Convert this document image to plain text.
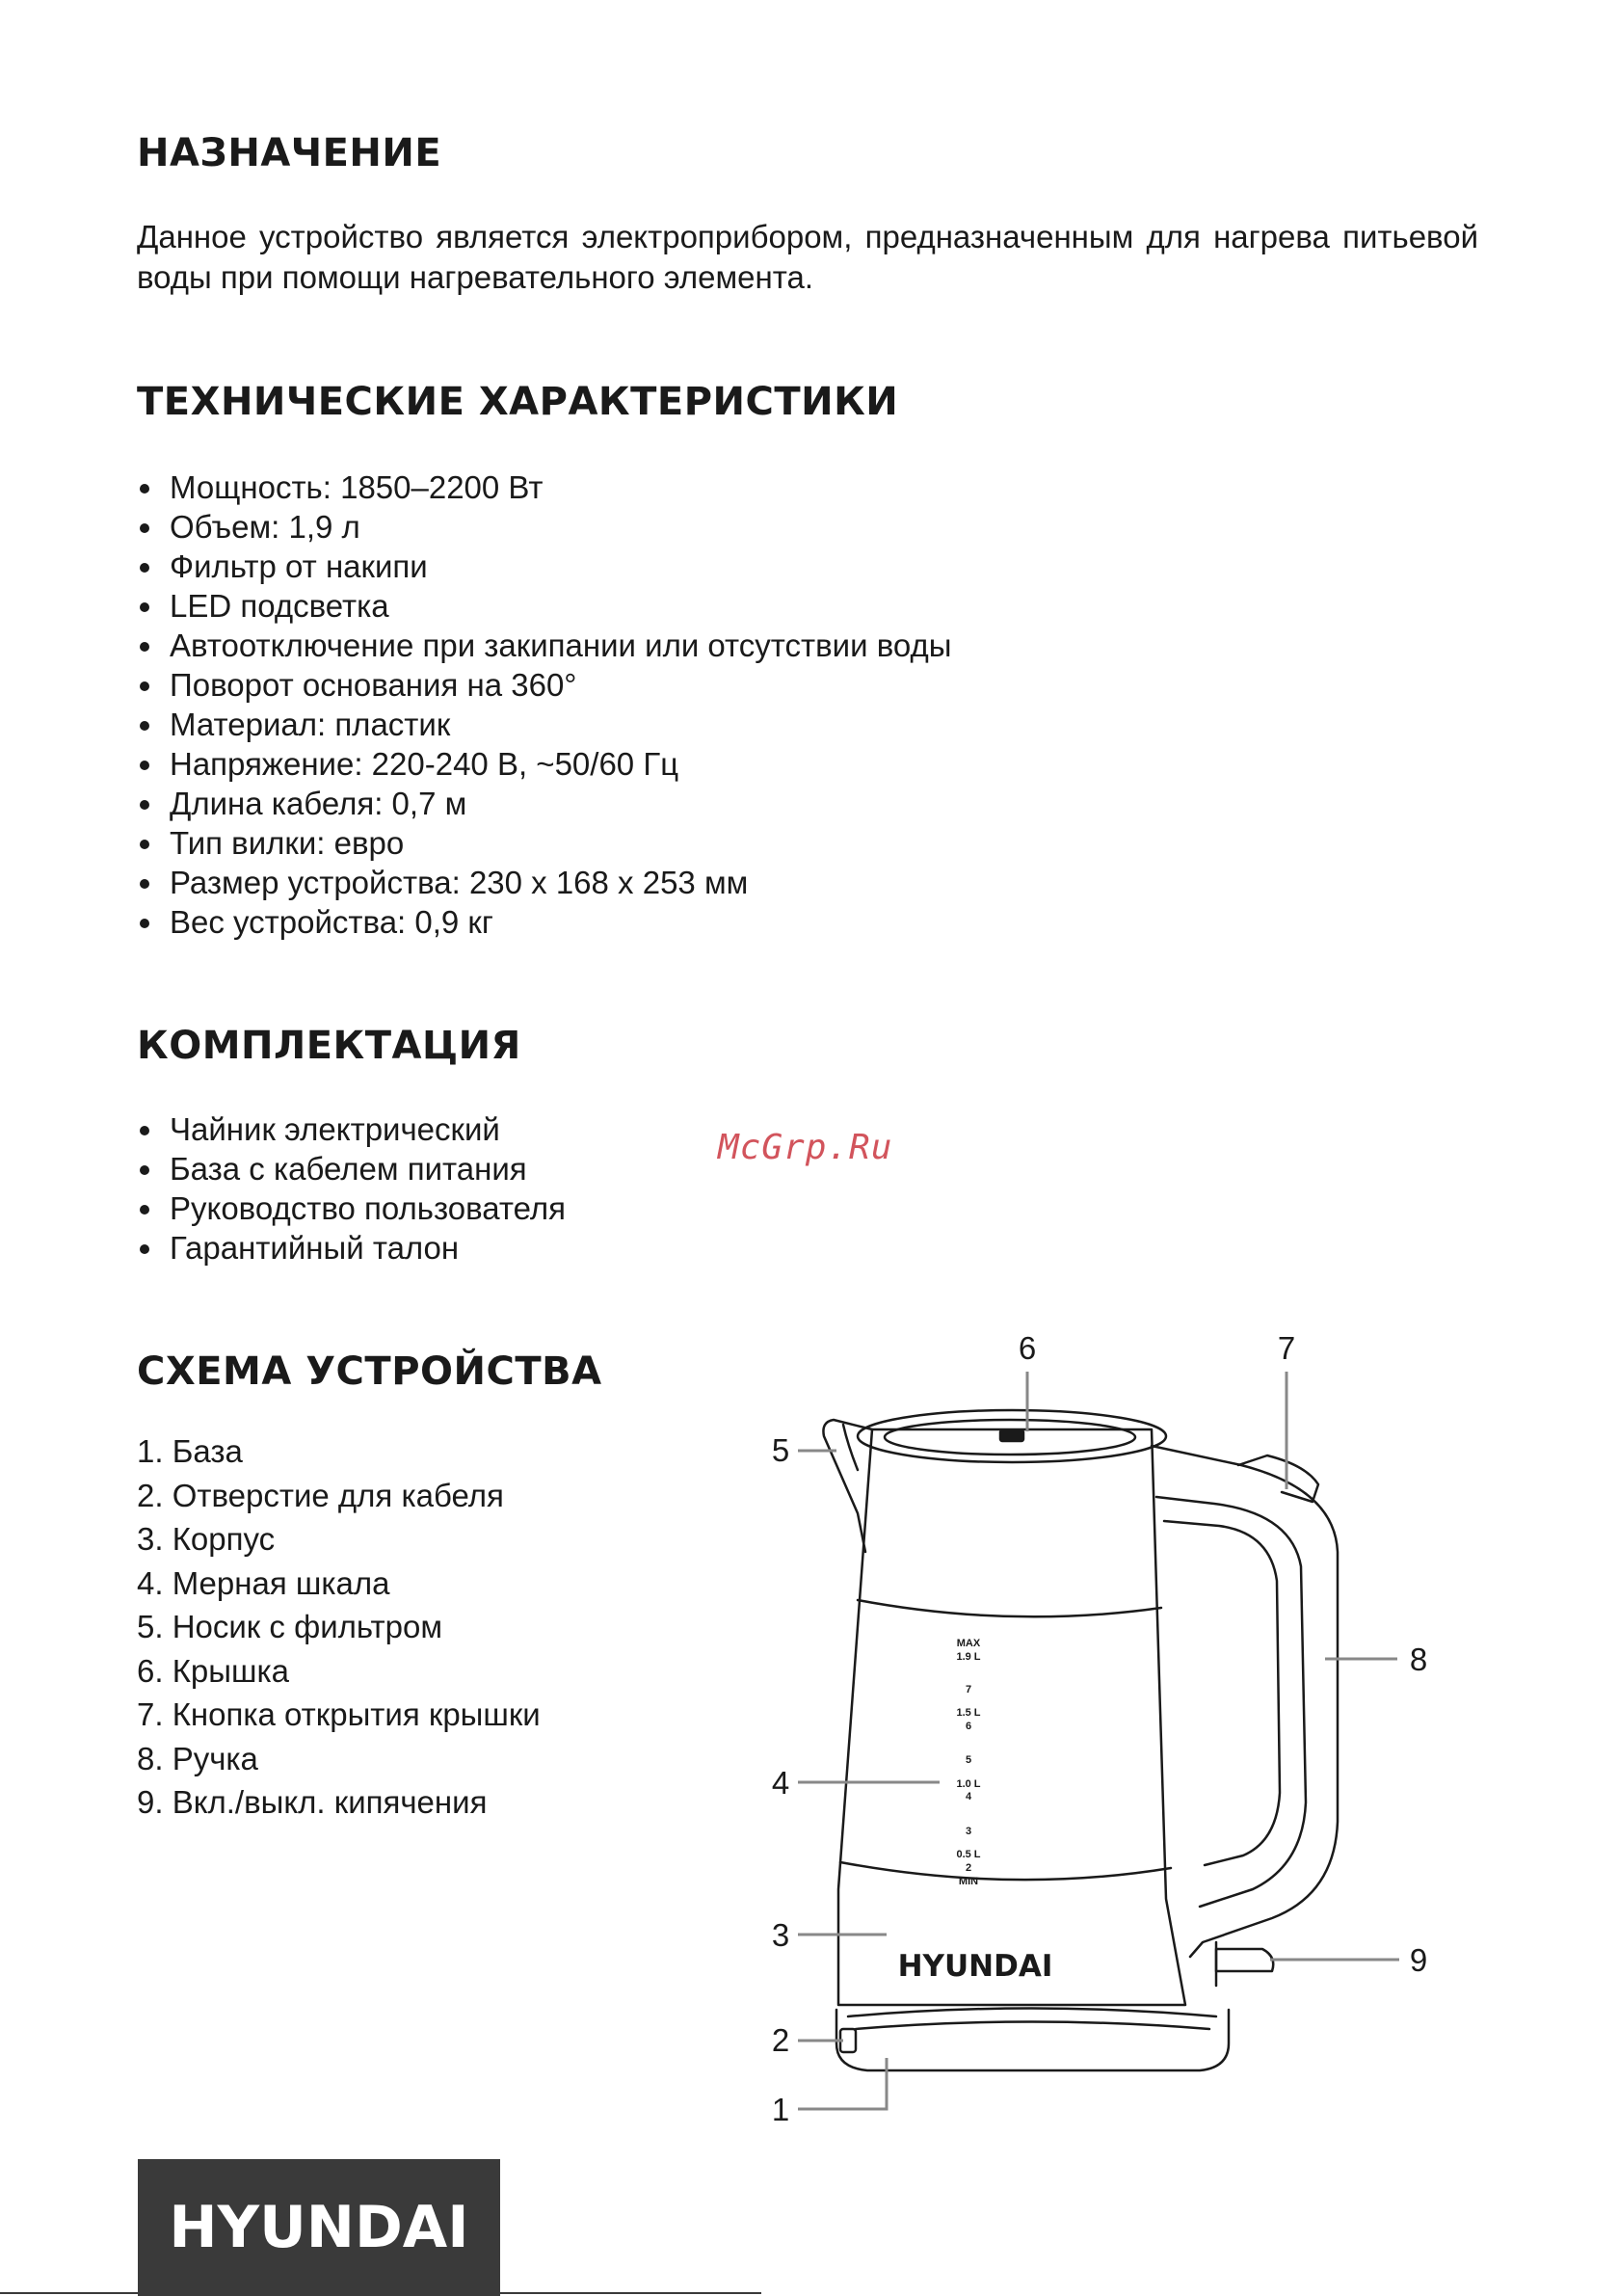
НАЗНАЧЕНИЕ

Данное устройство является электроприбором, предназначенным для нагрева питьевой воды при помощи нагревательного элемента.

ТЕХНИЧЕСКИЕ ХАРАКТЕРИСТИКИ
Мощность: 1850–2200 Вт
Объем: 1,9 л
Фильтр от накипи
LED подсветка
Автоотключение при закипании или отсутствии воды
Поворот основания на 360°
Материал: пластик
Напряжение: 220-240 В, ~50/60 Гц
Длина кабеля: 0,7 м
Тип вилки: евро
Размер устройства: 230 х 168 х 253 мм
Вес устройства: 0,9 кг
КОМПЛЕКТАЦИЯ
Чайник электрический
База с кабелем питания
Руководство пользователя
Гарантийный талон
McGrp.Ru
СХЕМА УСТРОЙСТВА
1. База
2. Отверстие для кабеля
3. Корпус
4. Мерная шкала
5. Носик с фильтром
6. Крышка
7. Кнопка открытия крышки
8. Ручка
9. Вкл./выкл. кипячения
MAX
1.9 L
7
1.5 L
6
5
1.0 L
4
3
0.5 L
2
MIN
HYUNDAI
1
2
3
4
5
6	7
8
9
HYUNDAI
